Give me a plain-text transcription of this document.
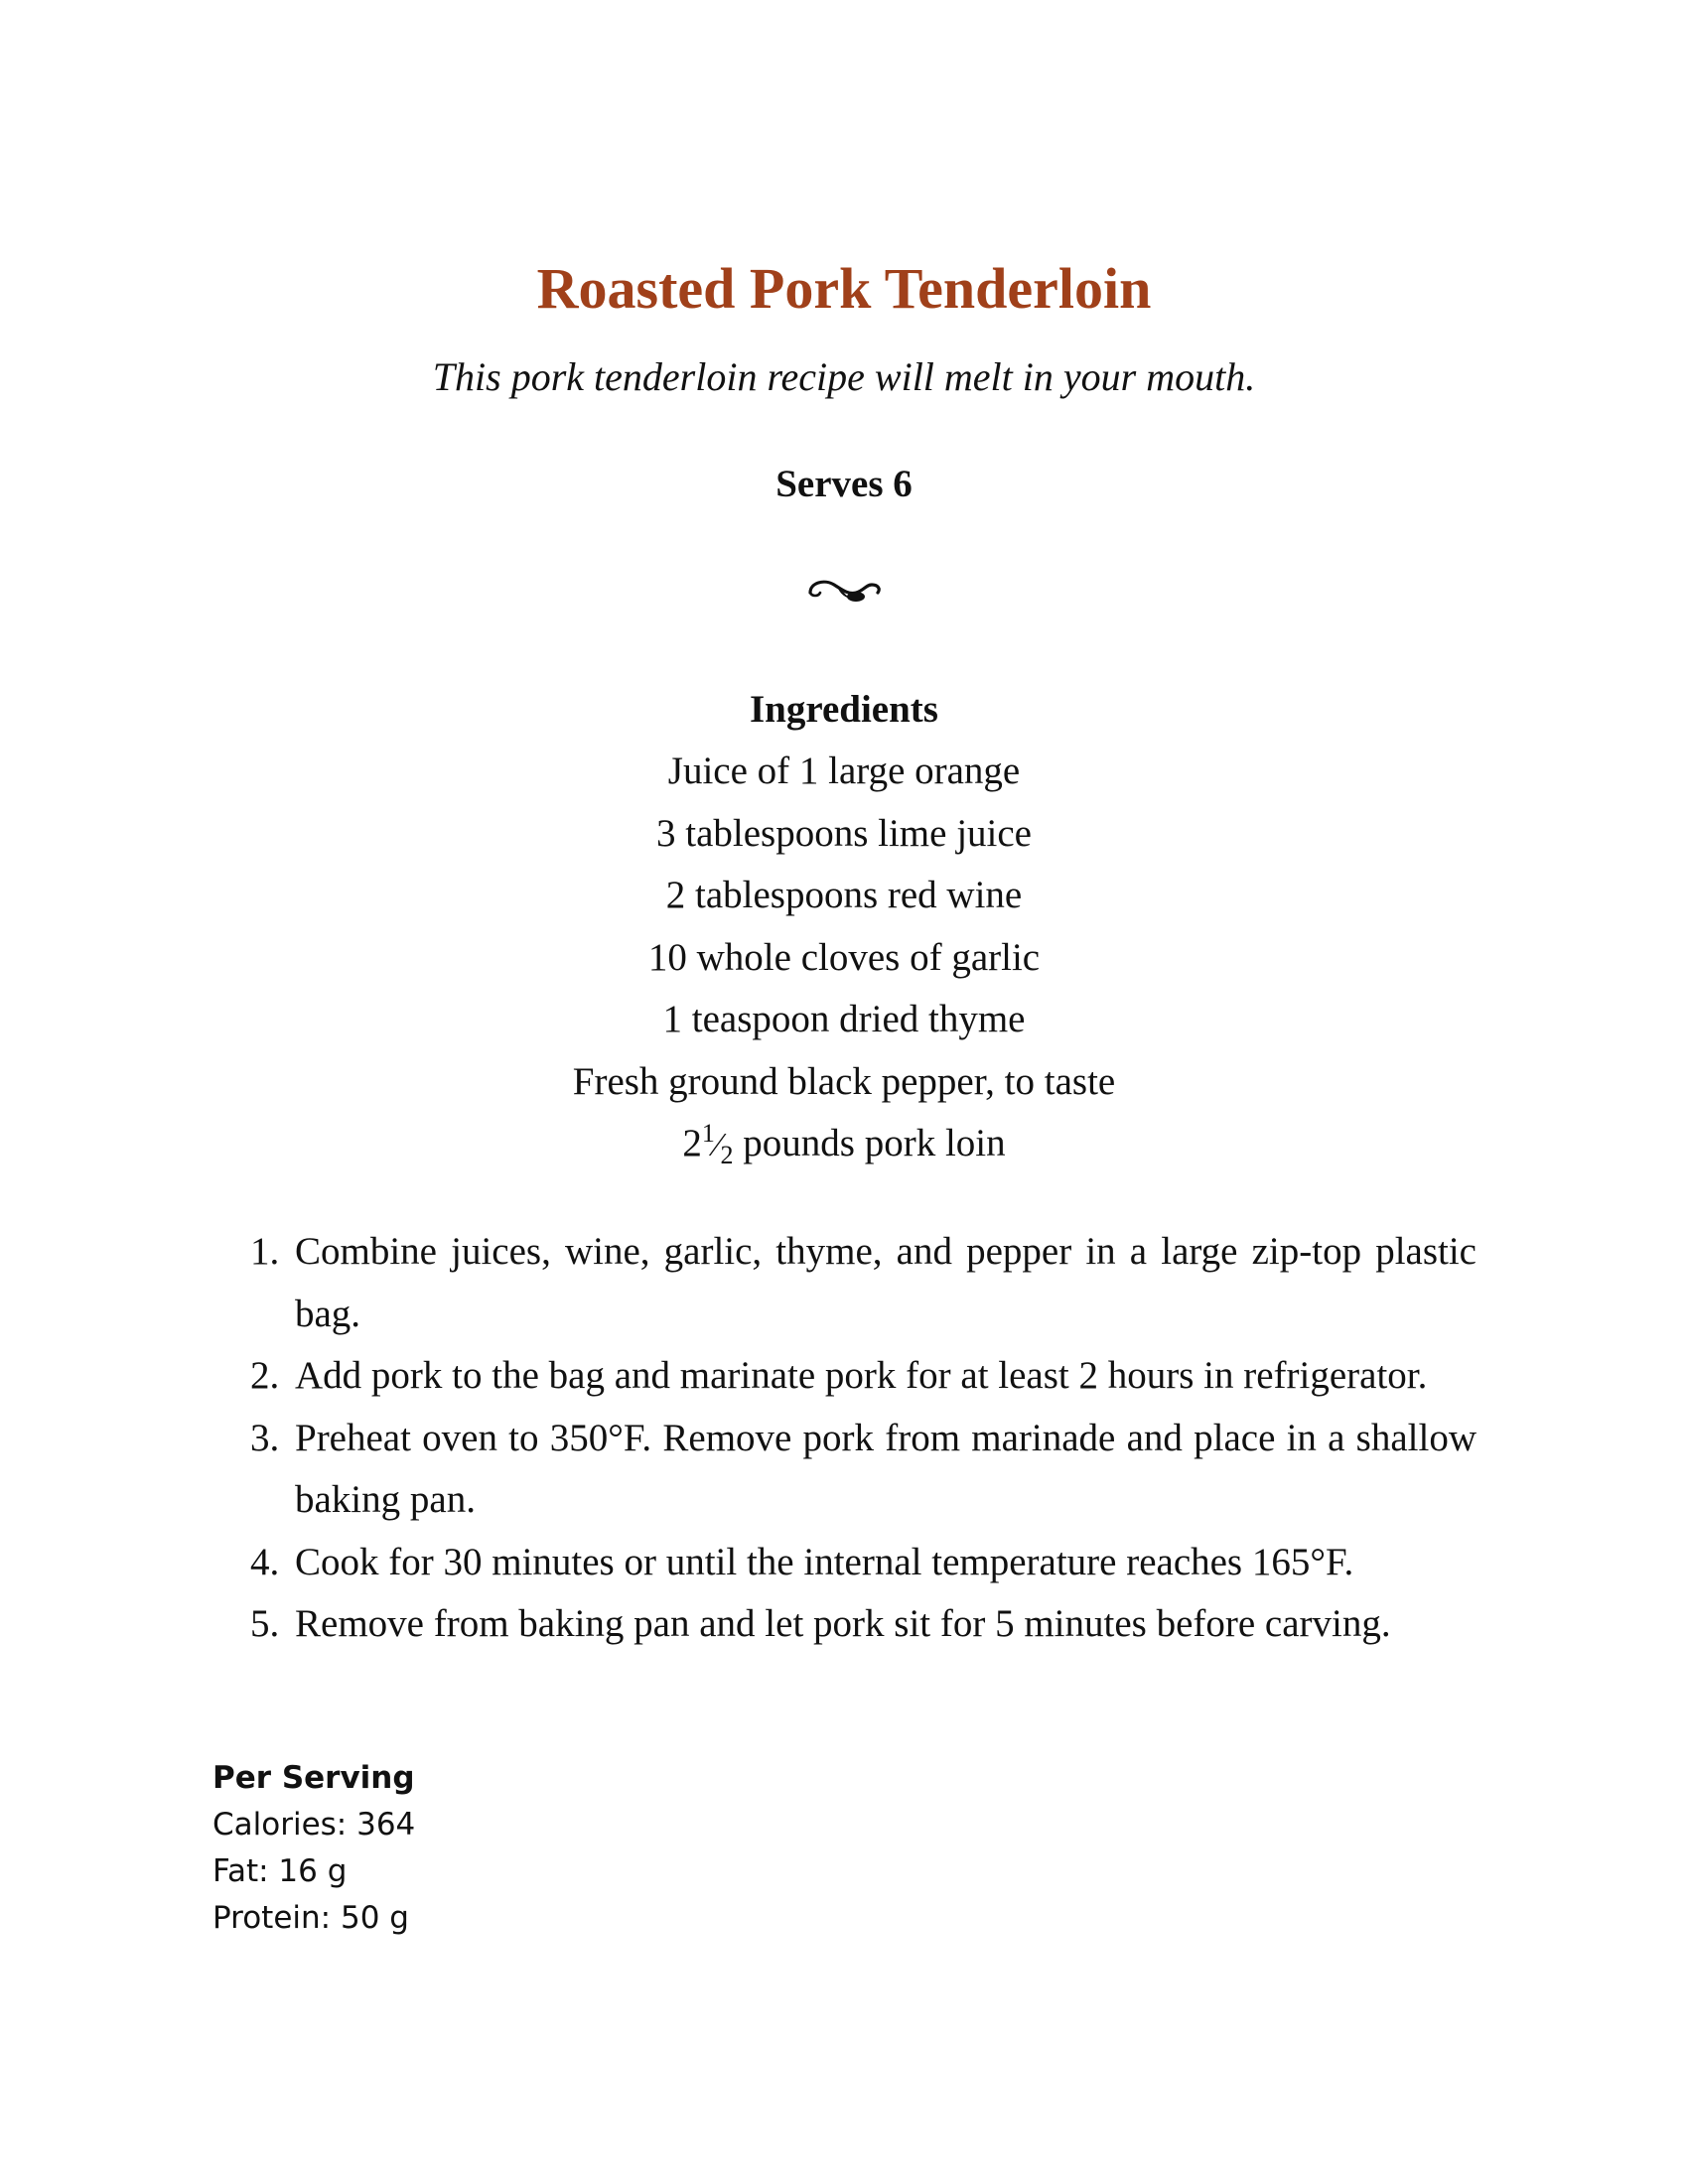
Roasted Pork Tenderloin
This pork tenderloin recipe will melt in your mouth.
Serves 6
Ingredients
Juice of 1 large orange
3 tablespoons lime juice
2 tablespoons red wine
10 whole cloves of garlic
1 teaspoon dried thyme
Fresh ground black pepper, to taste
$2^1⁄_2$ pounds pork loin
1. Combine juices, wine, garlic, thyme, and pepper in a large zip-top plastic bag.
2. Add pork to the bag and marinate pork for at least 2 hours in refrigerator.
3. Preheat oven to 350°F. Remove pork from marinade and place in a shallow baking pan.
4. Cook for 30 minutes or until the internal temperature reaches 165°F.
5. Remove from baking pan and let pork sit for 5 minutes before carving.
Per Serving
Calories: 364
Fat: 16 g
Protein: 50 g
